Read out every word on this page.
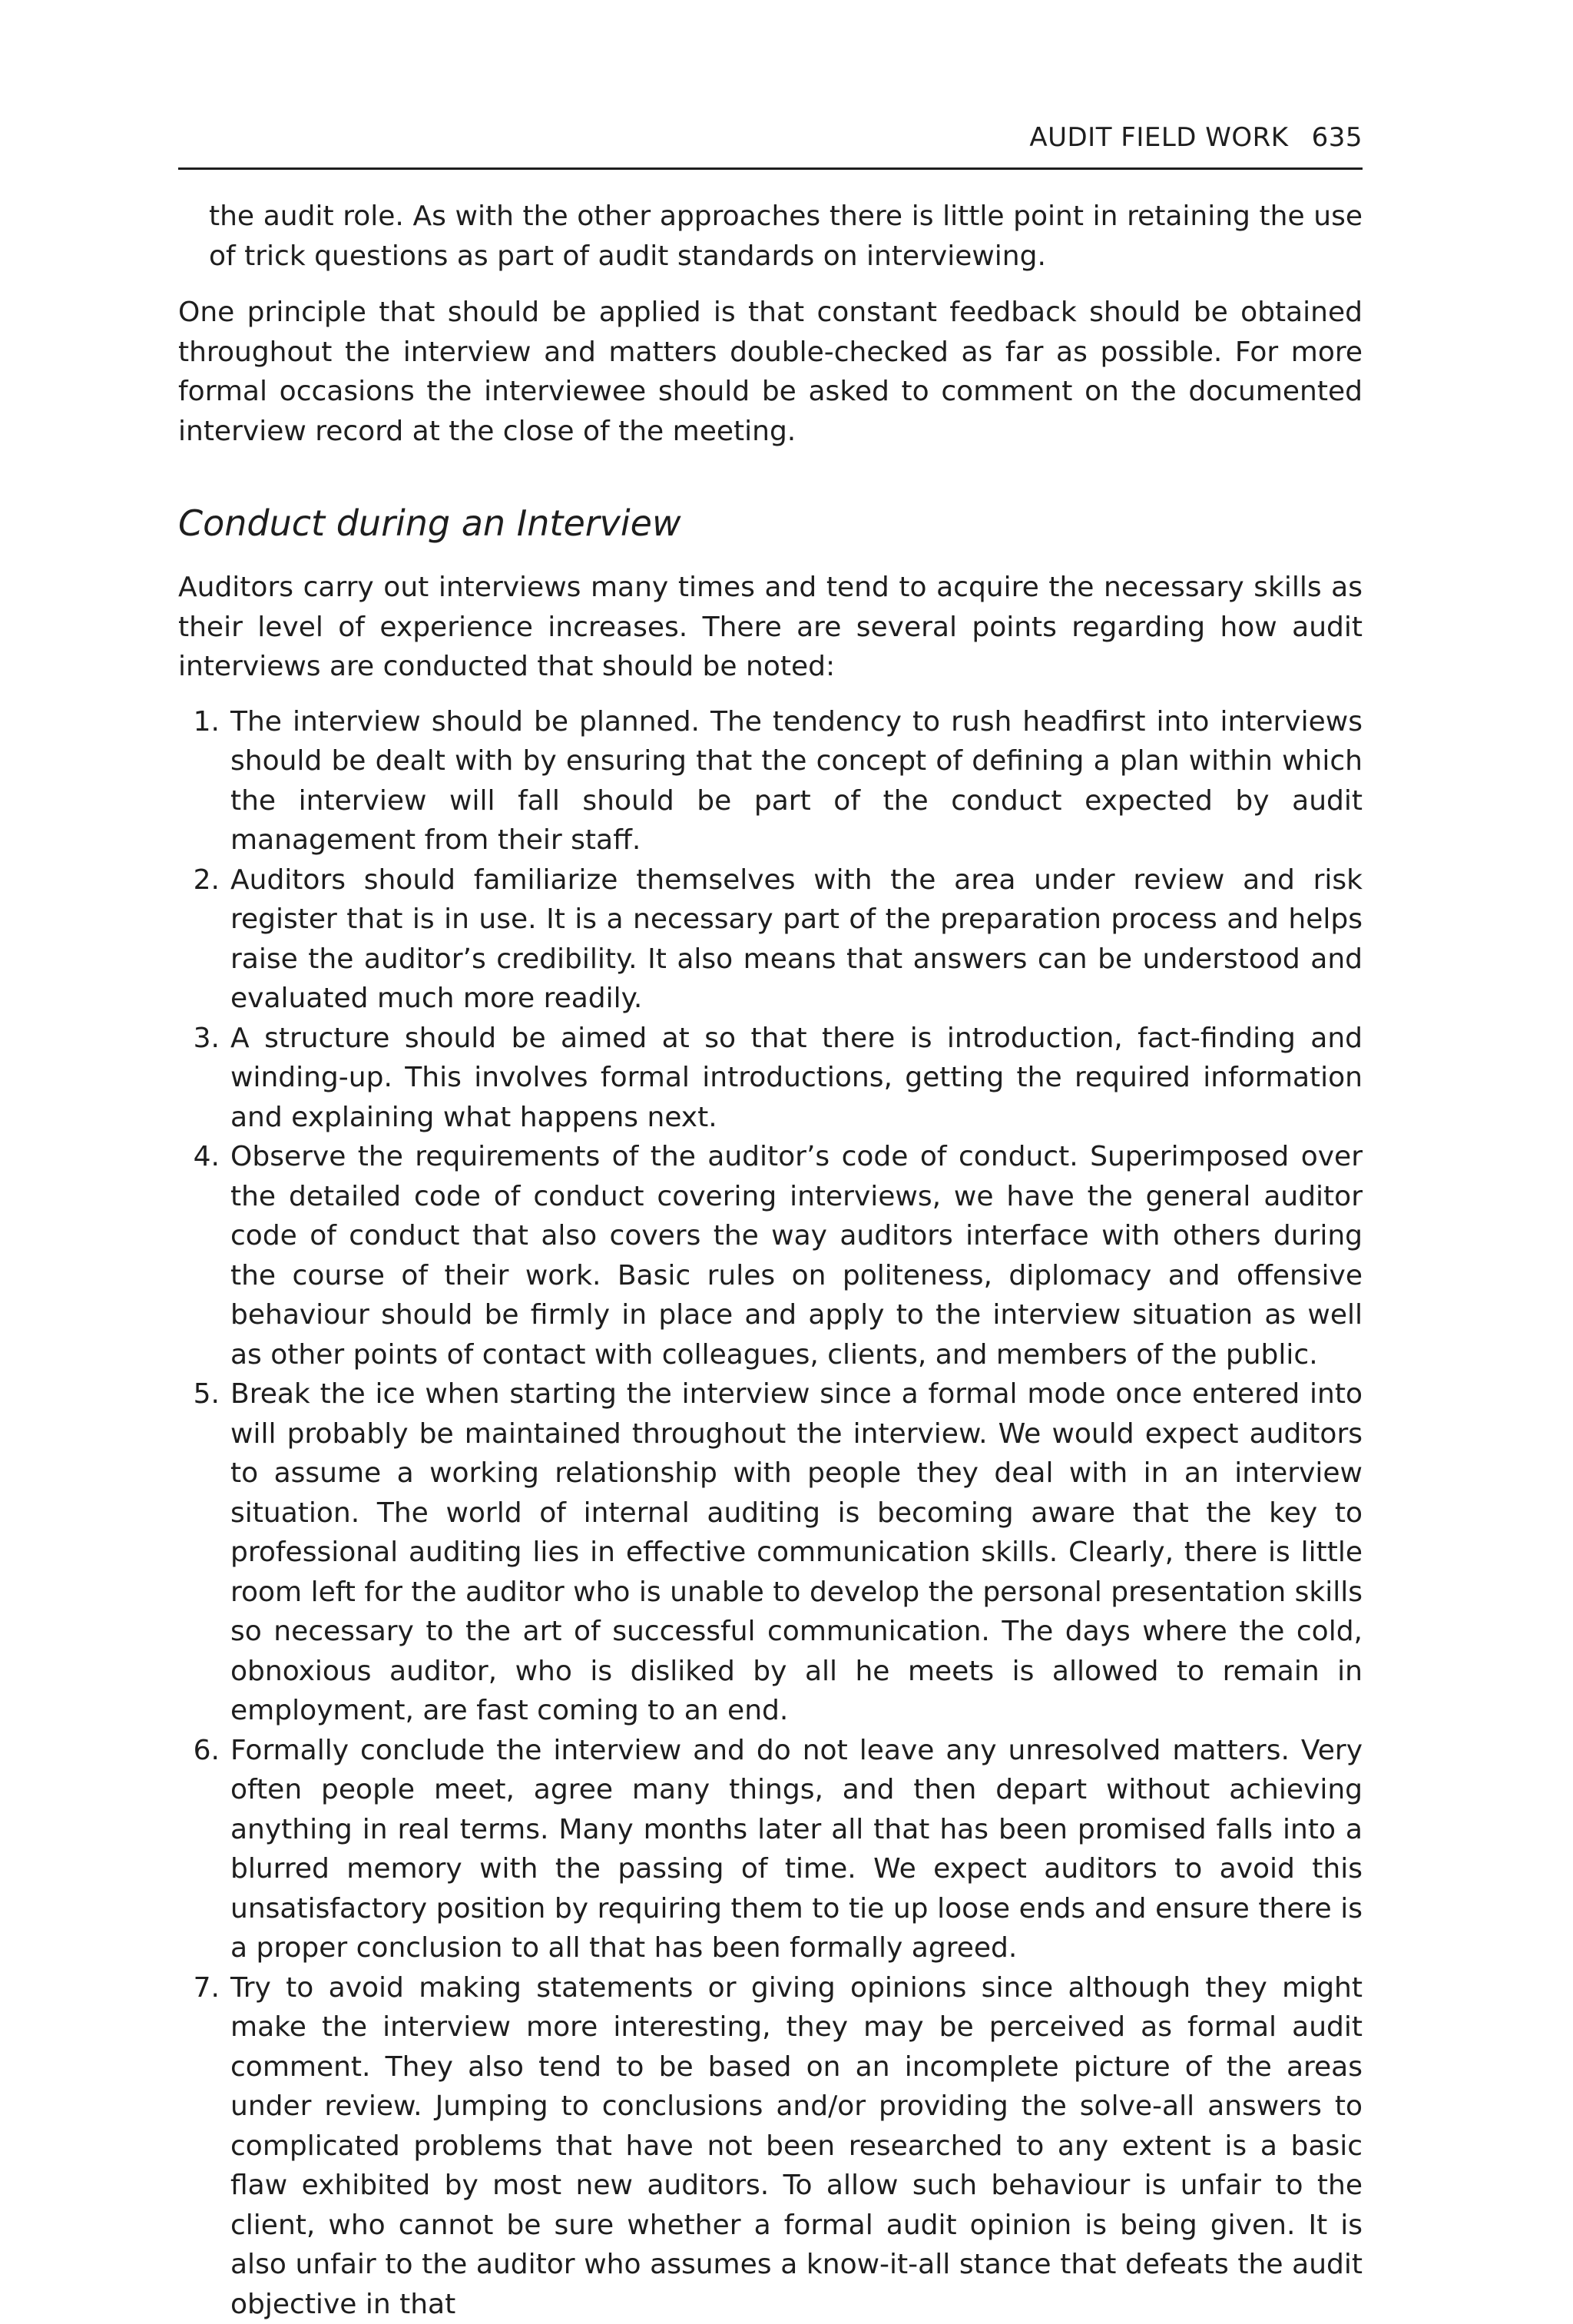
AUDIT FIELD WORK 635

the audit role. As with the other approaches there is little point in retaining the use of trick questions as part of audit standards on interviewing.

One principle that should be applied is that constant feedback should be obtained throughout the interview and matters double-checked as far as possible. For more formal occasions the interviewee should be asked to comment on the documented interview record at the close of the meeting.

Conduct during an Interview

Auditors carry out interviews many times and tend to acquire the necessary skills as their level of experience increases. There are several points regarding how audit interviews are conducted that should be noted:

1. The interview should be planned. The tendency to rush headfirst into interviews should be dealt with by ensuring that the concept of defining a plan within which the interview will fall should be part of the conduct expected by audit management from their staff.
2. Auditors should familiarize themselves with the area under review and risk register that is in use. It is a necessary part of the preparation process and helps raise the auditor’s credibility. It also means that answers can be understood and evaluated much more readily.
3. A structure should be aimed at so that there is introduction, fact-finding and winding-up. This involves formal introductions, getting the required information and explaining what happens next.
4. Observe the requirements of the auditor’s code of conduct. Superimposed over the detailed code of conduct covering interviews, we have the general auditor code of conduct that also covers the way auditors interface with others during the course of their work. Basic rules on politeness, diplomacy and offensive behaviour should be firmly in place and apply to the interview situation as well as other points of contact with colleagues, clients, and members of the public.
5. Break the ice when starting the interview since a formal mode once entered into will probably be maintained throughout the interview. We would expect auditors to assume a working relationship with people they deal with in an interview situation. The world of internal auditing is becoming aware that the key to professional auditing lies in effective communication skills. Clearly, there is little room left for the auditor who is unable to develop the personal presentation skills so necessary to the art of successful communication. The days where the cold, obnoxious auditor, who is disliked by all he meets is allowed to remain in employment, are fast coming to an end.
6. Formally conclude the interview and do not leave any unresolved matters. Very often people meet, agree many things, and then depart without achieving anything in real terms. Many months later all that has been promised falls into a blurred memory with the passing of time. We expect auditors to avoid this unsatisfactory position by requiring them to tie up loose ends and ensure there is a proper conclusion to all that has been formally agreed.
7. Try to avoid making statements or giving opinions since although they might make the interview more interesting, they may be perceived as formal audit comment. They also tend to be based on an incomplete picture of the areas under review. Jumping to conclusions and/or providing the solve-all answers to complicated problems that have not been researched to any extent is a basic flaw exhibited by most new auditors. To allow such behaviour is unfair to the client, who cannot be sure whether a formal audit opinion is being given. It is also unfair to the auditor who assumes a know-it-all stance that defeats the audit objective in that
